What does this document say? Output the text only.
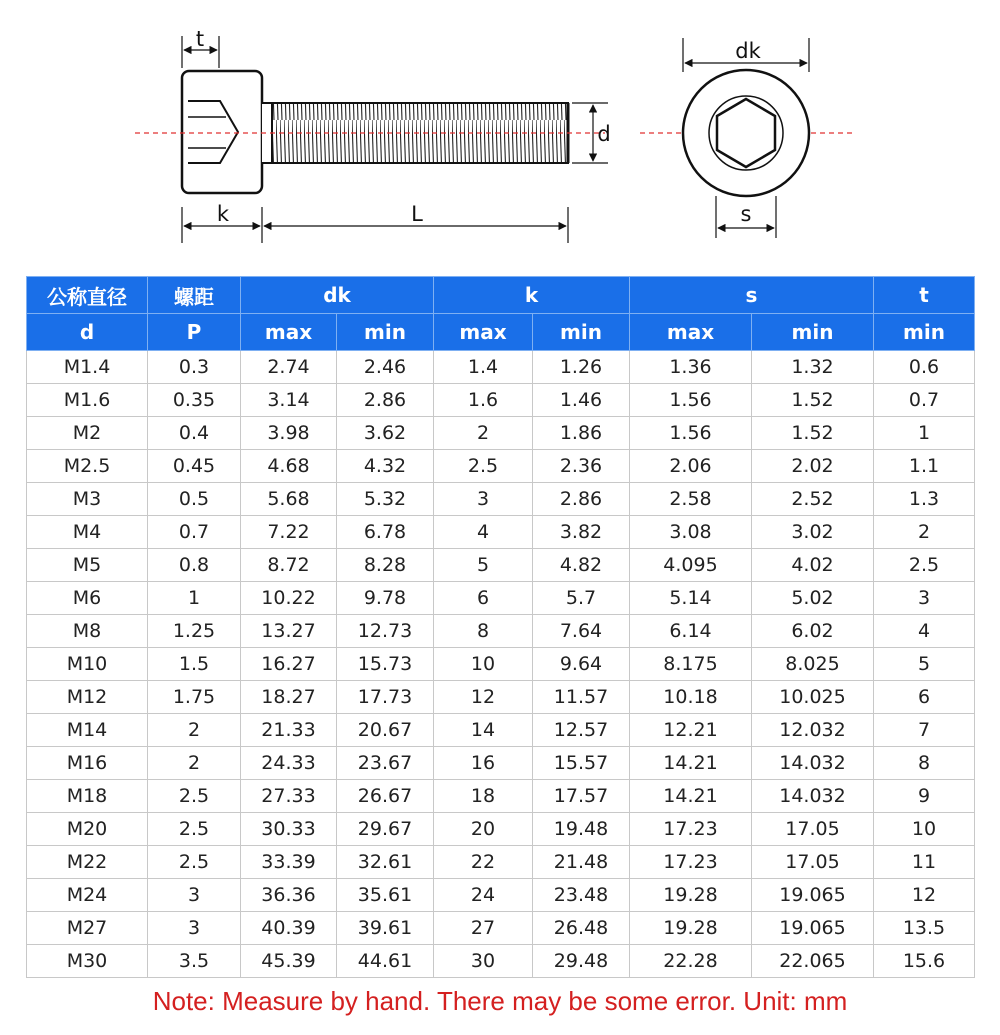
t
k	L
d
dk
s
公称直径	螺距	dk		k		s		t
d	P	max	min	max	min	max	min	min
M1.4	0.3	2.74	2.46	1.4	1.26	1.36	1.32	0.6
M1.6	0.35	3.14	2.86	1.6	1.46	1.56	1.52	0.7
M2	0.4	3.98	3.62	2	1.86	1.56	1.52	1
M2.5	0.45	4.68	4.32	2.5	2.36	2.06	2.02	1.1
M3	0.5	5.68	5.32	3	2.86	2.58	2.52	1.3
M4	0.7	7.22	6.78	4	3.82	3.08	3.02	2
M5	0.8	8.72	8.28	5	4.82	4.095	4.02	2.5
M6	1	10.22	9.78	6	5.7	5.14	5.02	3
M8	1.25	13.27	12.73	8	7.64	6.14	6.02	4
M10	1.5	16.27	15.73	10	9.64	8.175	8.025	5
M12	1.75	18.27	17.73	12	11.57	10.18	10.025	6
M14	2	21.33	20.67	14	12.57	12.21	12.032	7
M16	2	24.33	23.67	16	15.57	14.21	14.032	8
M18	2.5	27.33	26.67	18	17.57	14.21	14.032	9
M20	2.5	30.33	29.67	20	19.48	17.23	17.05	10
M22	2.5	33.39	32.61	22	21.48	17.23	17.05	11
M24	3	36.36	35.61	24	23.48	19.28	19.065	12
M27	3	40.39	39.61	27	26.48	19.28	19.065	13.5
M30	3.5	45.39	44.61	30	29.48	22.28	22.065	15.6
Note: Measure by hand. There may be some error. Unit: mm
